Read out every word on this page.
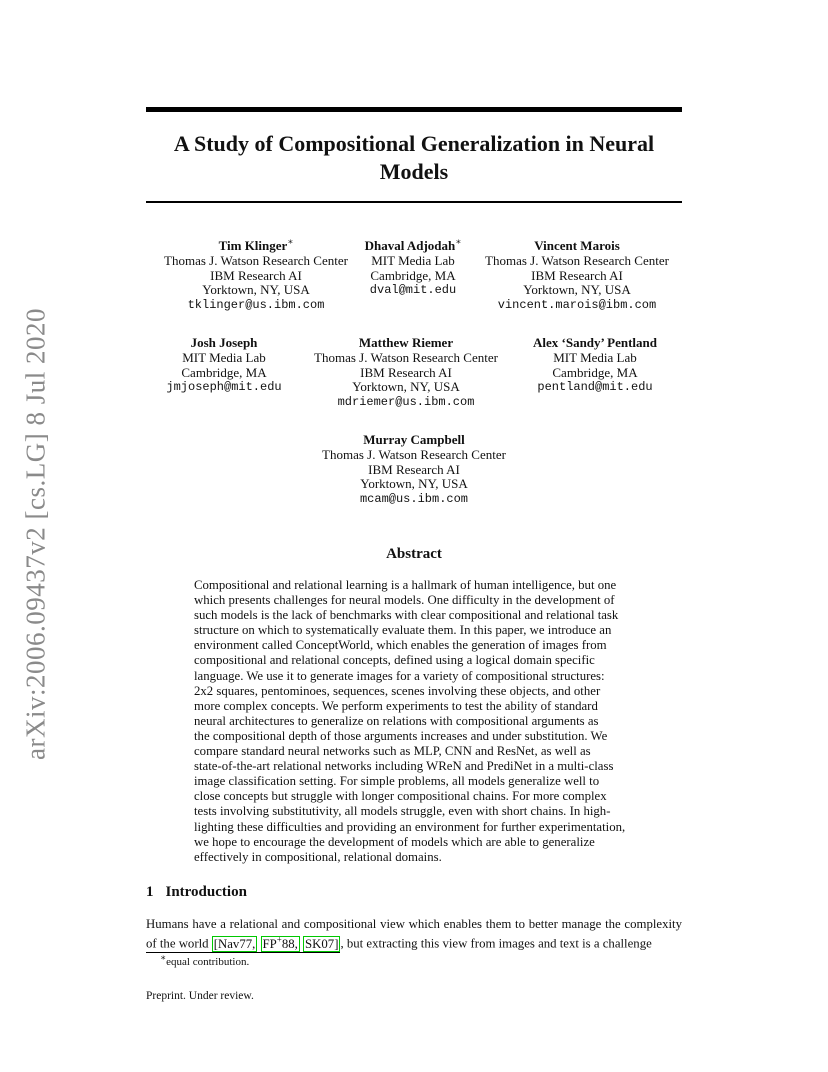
arXiv:2006.09437v2 [cs.LG] 8 Jul 2020
A Study of Compositional Generalization in Neural Models
Tim Klinger∗
Thomas J. Watson Research Center
IBM Research AI
Yorktown, NY, USA
tklinger@us.ibm.com
Dhaval Adjodah∗
MIT Media Lab
Cambridge, MA
dval@mit.edu
Vincent Marois
Thomas J. Watson Research Center
IBM Research AI
Yorktown, NY, USA
vincent.marois@ibm.com
Josh Joseph
MIT Media Lab
Cambridge, MA
jmjoseph@mit.edu
Matthew Riemer
Thomas J. Watson Research Center
IBM Research AI
Yorktown, NY, USA
mdriemer@us.ibm.com
Alex ‘Sandy’ Pentland
MIT Media Lab
Cambridge, MA
pentland@mit.edu
Murray Campbell
Thomas J. Watson Research Center
IBM Research AI
Yorktown, NY, USA
mcam@us.ibm.com
Abstract
Compositional and relational learning is a hallmark of human intelligence, but one
which presents challenges for neural models. One difficulty in the development of
such models is the lack of benchmarks with clear compositional and relational task
structure on which to systematically evaluate them. In this paper, we introduce an
environment called ConceptWorld, which enables the generation of images from
compositional and relational concepts, defined using a logical domain specific
language. We use it to generate images for a variety of compositional structures:
2x2 squares, pentominoes, sequences, scenes involving these objects, and other
more complex concepts. We perform experiments to test the ability of standard
neural architectures to generalize on relations with compositional arguments as
the compositional depth of those arguments increases and under substitution. We
compare standard neural networks such as MLP, CNN and ResNet, as well as
state-of-the-art relational networks including WReN and PrediNet in a multi-class
image classification setting. For simple problems, all models generalize well to
close concepts but struggle with longer compositional chains. For more complex
tests involving substitutivity, all models struggle, even with short chains. In high-
lighting these difficulties and providing an environment for further experimentation,
we hope to encourage the development of models which are able to generalize
effectively in compositional, relational domains.
1 Introduction
Humans have a relational and compositional view which enables them to better manage the complexity of the world [Nav77, FP+88, SK07] , but extracting this view from images and text is a challenge
∗equal contribution.
Preprint. Under review.
